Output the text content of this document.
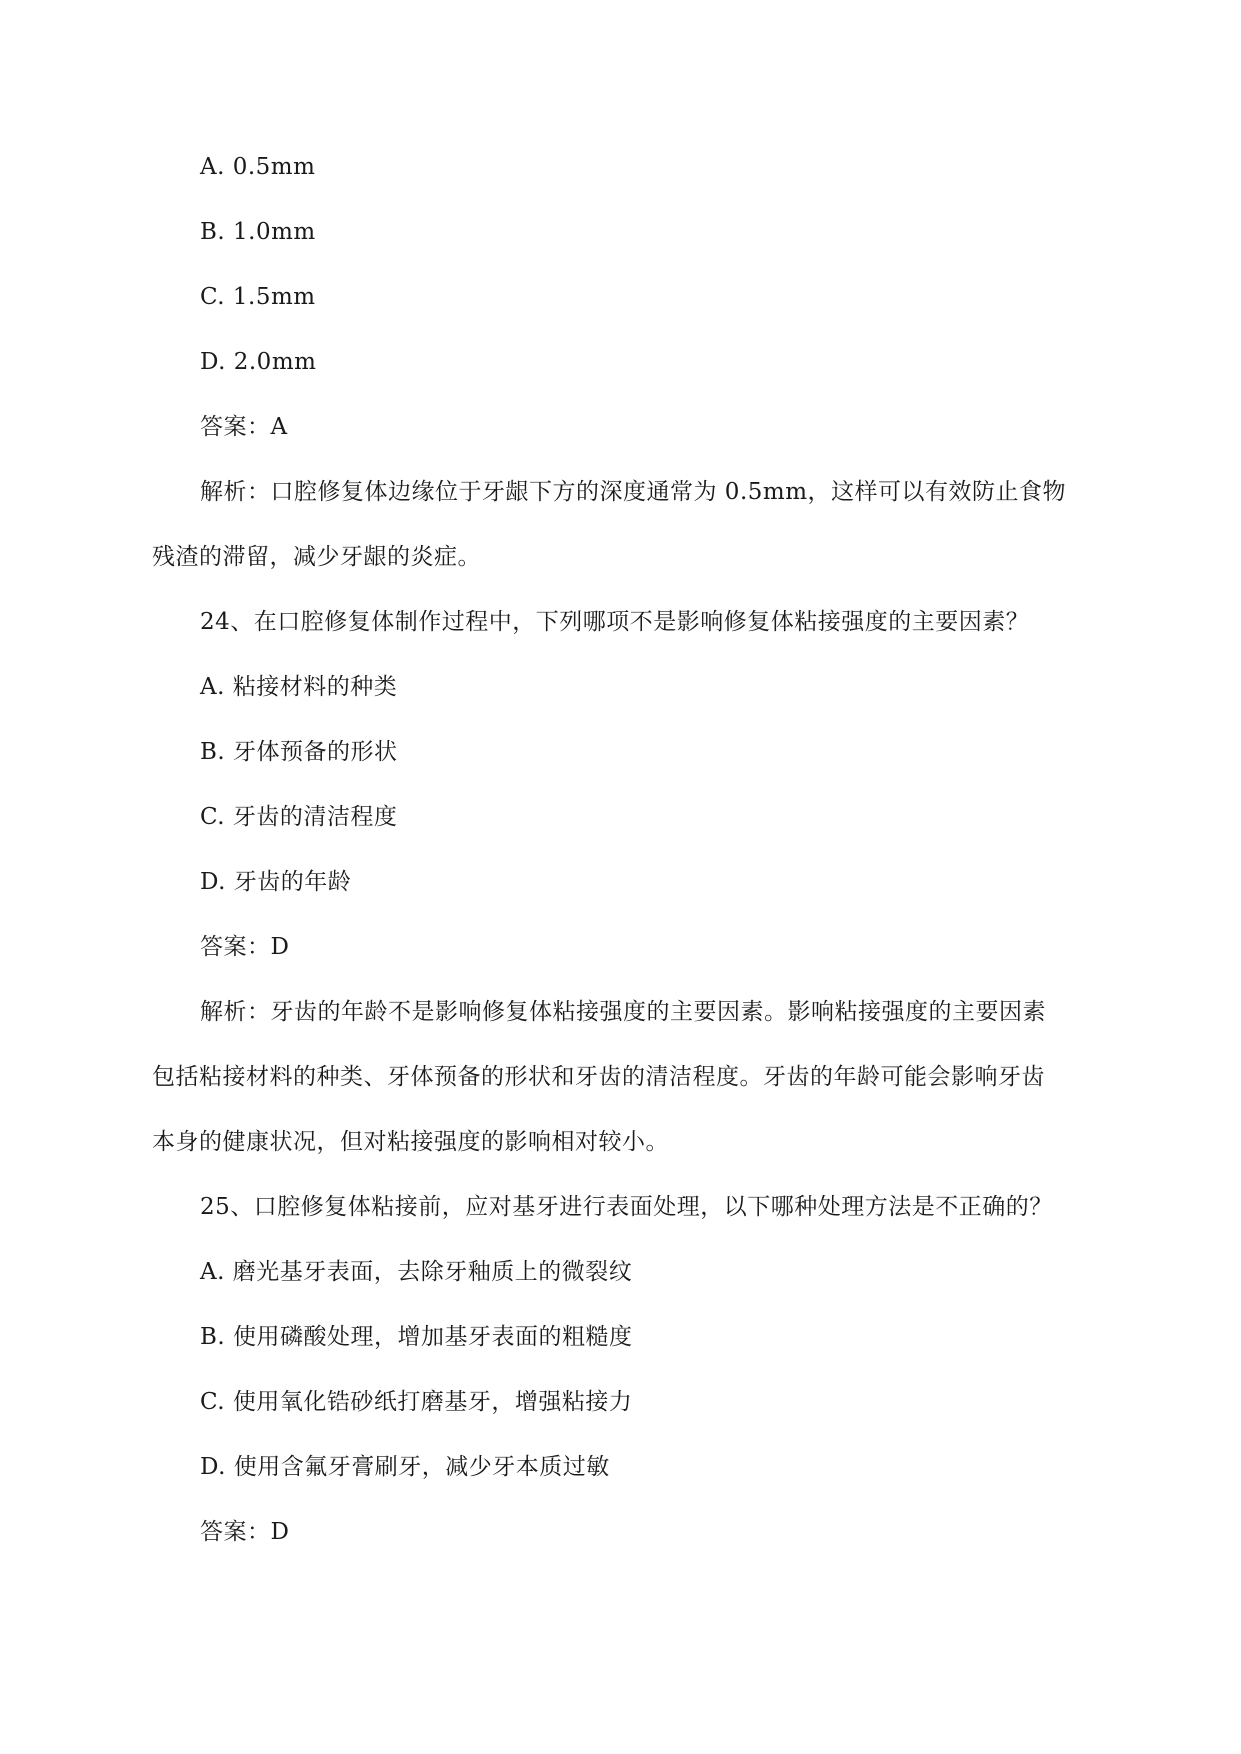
A. 0.5mm
B. 1.0mm
C. 1.5mm
D. 2.0mm
答案：A
解析：口腔修复体边缘位于牙龈下方的深度通常为 0.5mm，这样可以有效防止食物
残渣的滞留，减少牙龈的炎症。
24、在口腔修复体制作过程中，下列哪项不是影响修复体粘接强度的主要因素？
A. 粘接材料的种类
B. 牙体预备的形状
C. 牙齿的清洁程度
D. 牙齿的年龄
答案：D
解析：牙齿的年龄不是影响修复体粘接强度的主要因素。影响粘接强度的主要因素
包括粘接材料的种类、牙体预备的形状和牙齿的清洁程度。牙齿的年龄可能会影响牙齿
本身的健康状况，但对粘接强度的影响相对较小。
25、口腔修复体粘接前，应对基牙进行表面处理，以下哪种处理方法是不正确的？
A. 磨光基牙表面，去除牙釉质上的微裂纹
B. 使用磷酸处理，增加基牙表面的粗糙度
C. 使用氧化锆砂纸打磨基牙，增强粘接力
D. 使用含氟牙膏刷牙，减少牙本质过敏
答案：D
